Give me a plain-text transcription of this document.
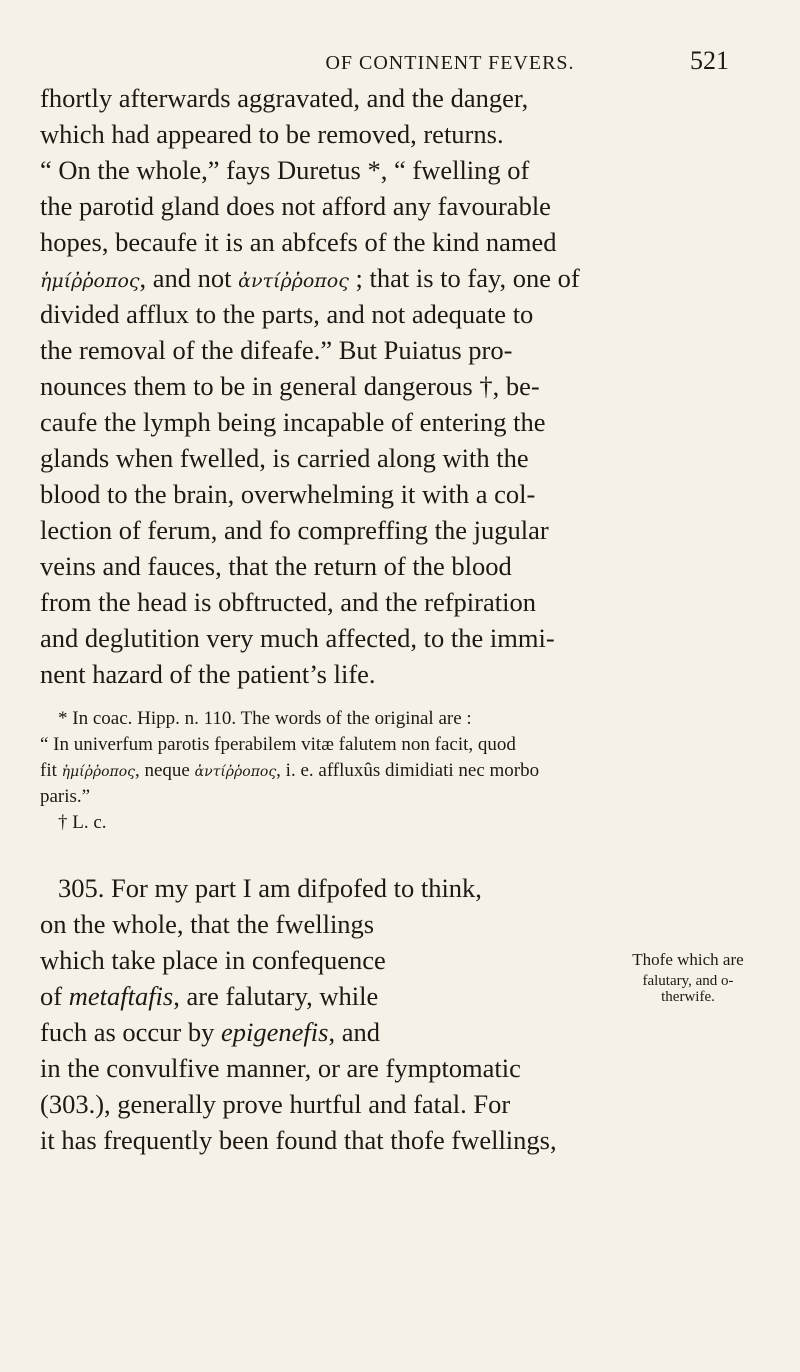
OF CONTINENT FEVERS.	521
fhortly afterwards aggravated, and the danger,
which had appeared to be removed, returns.
“ On the whole,” fays Duretus *, “ fwelling of
the parotid gland does not afford any favourable
hopes, becaufe it is an abfcefs of the kind named
ἡμίῤῥοπος, and not ἀντίῤῥοπος ; that is to fay, one of
divided afflux to the parts, and not adequate to
the removal of the difeafe.” But Puiatus pro-
nounces them to be in general dangerous †, be-
caufe the lymph being incapable of entering the
glands when fwelled, is carried along with the
blood to the brain, overwhelming it with a col-
lection of ferum, and fo compreffing the jugular
veins and fauces, that the return of the blood
from the head is obftructed, and the refpiration
and deglutition very much affected, to the immi-
nent hazard of the patient’s life.
* In coac. Hipp. n. 110. The words of the original are :
“ In univerfum parotis fperabilem vitæ falutem non facit, quod
fit ἡμίῤῥοπος, neque ἀντίῤῥοπος, i. e. affluxûs dimidiati nec morbo
paris.”
† L. c.
305. For my part I am difpofed to think,
on the whole, that the fwellings
which take place in confequence
of metaftafis, are falutary, while
fuch as occur by epigenefis, and
in the convulfive manner, or are fymptomatic
(303.), generally prove hurtful and fatal. For
it has frequently been found that thofe fwellings,
Thofe which are
falutary, and o-
therwife.
